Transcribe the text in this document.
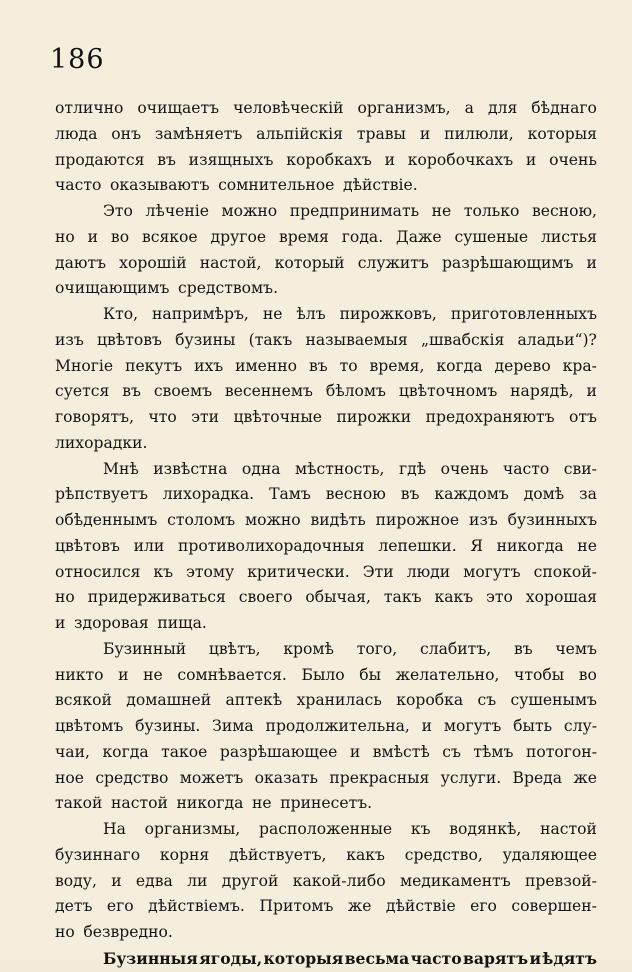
186
отлично очищаетъ человѣческій организмъ, а для бѣднаго
люда онъ замѣняетъ альпійскія травы и пилюли, которыя
продаются въ изящныхъ коробкахъ и коробочкахъ и очень
часто оказываютъ сомнительное дѣйствіе.
Это лѣченіе можно предпринимать не только весною,
но и во всякое другое время года. Даже сушеные листья
даютъ хорошій настой, который служитъ разрѣшающимъ и
очищающимъ средствомъ.
Кто, напримѣръ, не ѣлъ пирожковъ, приготовленныхъ
изъ цвѣтовъ бузины (такъ называемыя „швабскія аладьи“)?
Многіе пекутъ ихъ именно въ то время, когда дерево кра-
суется въ своемъ весеннемъ бѣломъ цвѣточномъ нарядѣ, и
говорятъ, что эти цвѣточные пирожки предохраняютъ отъ
лихорадки.
Мнѣ извѣстна одна мѣстность, гдѣ очень часто сви-
рѣпствуетъ лихорадка. Тамъ весною въ каждомъ домѣ за
обѣденнымъ столомъ можно видѣть пирожное изъ бузинныхъ
цвѣтовъ или противолихорадочныя лепешки. Я никогда не
относился къ этому критически. Эти люди могутъ спокой-
но придерживаться своего обычая, такъ какъ это хорошая
и здоровая пища.
Бузинный цвѣтъ, кромѣ того, слабитъ, въ чемъ
никто и не сомнѣвается. Было бы желательно, чтобы во
всякой домашней аптекѣ хранилась коробка съ сушенымъ
цвѣтомъ бузины. Зима продолжительна, и могутъ быть слу-
чаи, когда такое разрѣшающее и вмѣстѣ съ тѣмъ потогон-
ное средство можетъ оказать прекрасныя услуги. Вреда же
такой настой никогда не принесетъ.
На организмы, расположенные къ водянкѣ, настой
бузиннаго корня дѣйствуетъ, какъ средство, удаляющее
воду, и едва ли другой какой-либо медикаментъ превзой-
детъ его дѣйствіемъ. Притомъ же дѣйствіе его совершен-
но безвредно.
Бузинныя ягоды, которыя весьма часто варятъ и ѣдятъ
